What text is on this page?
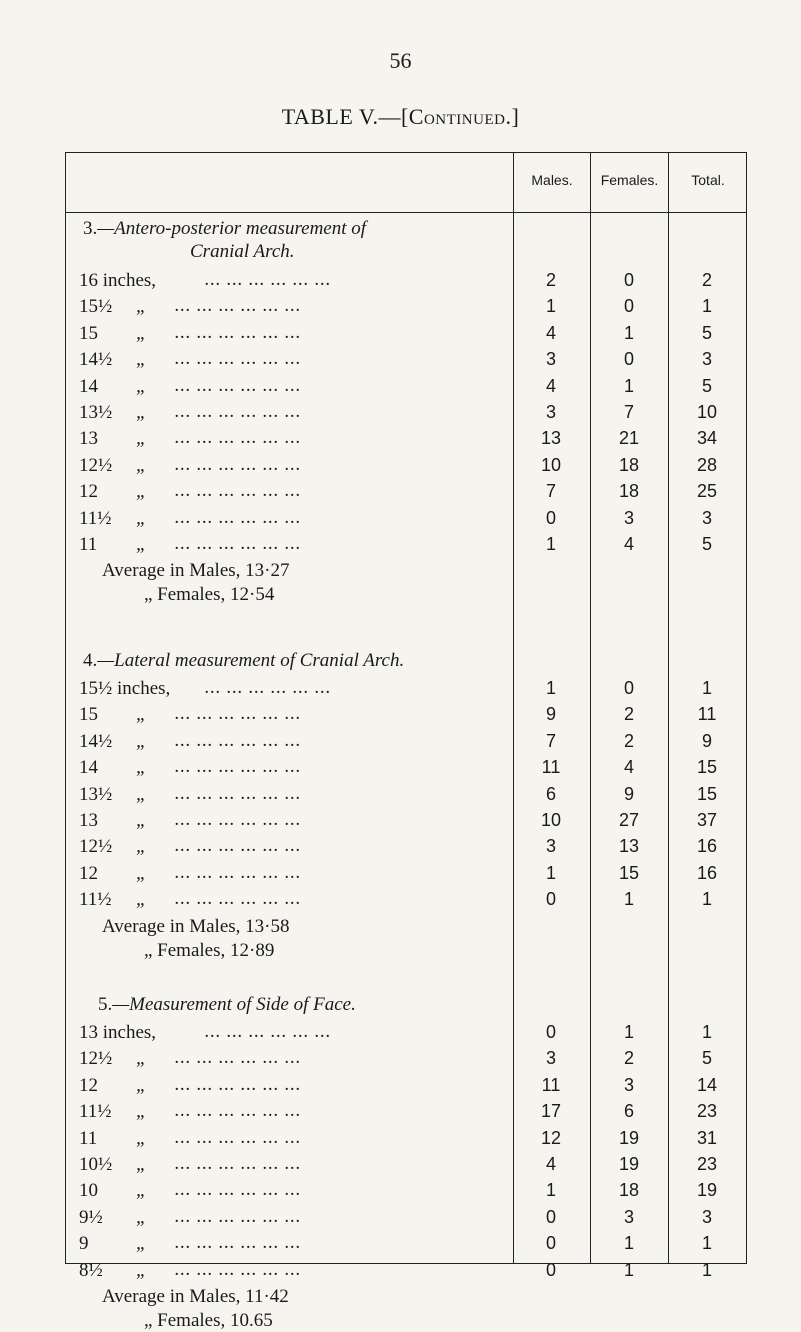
56
TABLE V.—[Continued.]
Males.	Females.	Total.
3.—Antero-posterior measurement of
Cranial Arch.
16 inches,	... ... ... ... ... ...	2	0	2
15½ „ ... ... ... ... ... ...	1	0	1
15 „ ... ... ... ... ... ...	4	1	5
14½ „ ... ... ... ... ... ...	3	0	3
14 „ ... ... ... ... ... ...	4	1	5
13½ „ ... ... ... ... ... ...	3	7	10
13 „ ... ... ... ... ... ...	13	21	34
12½ „ ... ... ... ... ... ...	10	18	28
12 „ ... ... ... ... ... ...	7	18	25
11½ „ ... ... ... ... ... ...	0	3	3
11 „ ... ... ... ... ... ...	1	4	5
Average in Males, 13·27
„ Females, 12·54
4.—Lateral measurement of Cranial Arch.
15½ inches, ... ... ... ... ... ...	1	0	1
15 „ ... ... ... ... ... ...	9	2	11
14½ „ ... ... ... ... ... ...	7	2	9
14 „ ... ... ... ... ... ...	11	4	15
13½ „ ... ... ... ... ... ...	6	9	15
13 „ ... ... ... ... ... ...	10	27	37
12½ „ ... ... ... ... ... ...	3	13	16
12 „ ... ... ... ... ... ...	1	15	16
11½ „ ... ... ... ... ... ...	0	1	1
Average in Males, 13·58
„ Females, 12·89
5.—Measurement of Side of Face.
13 inches,	... ... ... ... ... ...	0	1	1
12½ „ ... ... ... ... ... ...	3	2	5
12 „ ... ... ... ... ... ...	11	3	14
11½ „ ... ... ... ... ... ...	17	6	23
11 „ ... ... ... ... ... ...	12	19	31
10½ „ ... ... ... ... ... ...	4	19	23
10 „ ... ... ... ... ... ...	1	18	19
9½ „ ... ... ... ... ... ...	0	3	3
9	„ ... ... ... ... ... ...	0	1	1
8½ „ ... ... ... ... ... ...	0	1	1
Average in Males, 11·42
„ Females, 10.65
